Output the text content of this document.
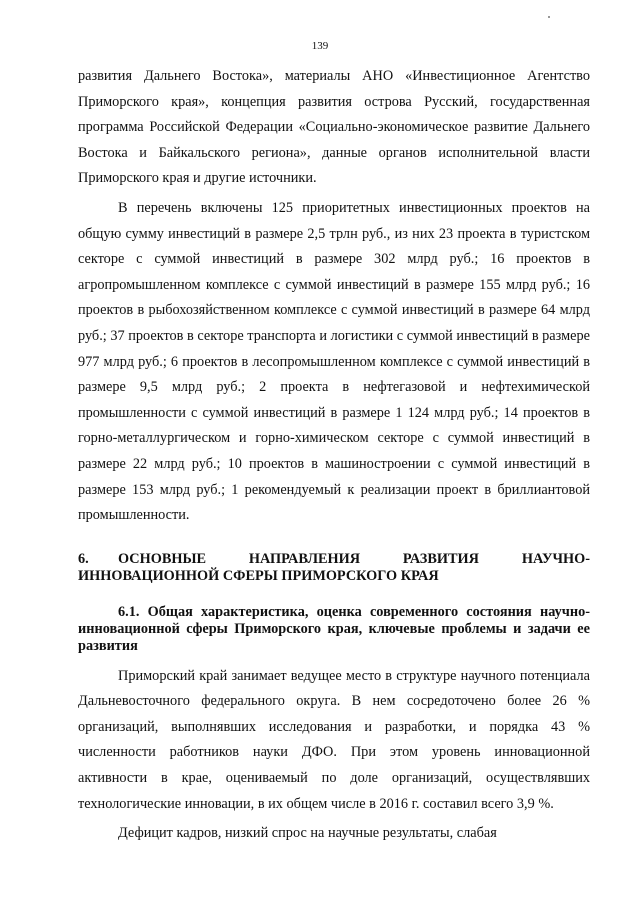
139

развития Дальнего Востока», материалы АНО «Инвестиционное Агентство Приморского края», концепция развития острова Русский, государственная программа Российской Федерации «Социально-экономическое развитие Дальнего Востока и Байкальского региона», данные органов исполнительной власти Приморского края и другие источники.

В перечень включены 125 приоритетных инвестиционных проектов на общую сумму инвестиций в размере 2,5 трлн руб., из них 23 проекта в туристском секторе с суммой инвестиций в размере 302 млрд руб.; 16 проектов в агропромышленном комплексе с суммой инвестиций в размере 155 млрд руб.; 16 проектов в рыбохозяйственном комплексе с суммой инвестиций в размере 64 млрд руб.; 37 проектов в секторе транспорта и логистики с суммой инвестиций в размере 977 млрд руб.; 6 проектов в лесопромышленном комплексе с суммой инвестиций в размере 9,5 млрд руб.; 2 проекта в нефтегазовой и нефтехимической промышленности с суммой инвестиций в размере 1 124 млрд руб.; 14 проектов в горно-металлургическом и горно-химическом секторе с суммой инвестиций в размере 22 млрд руб.; 10 проектов в машиностроении с суммой инвестиций в размере 153 млрд руб.; 1 рекомендуемый к реализации проект в бриллиантовой промышленности.

6. ОСНОВНЫЕ НАПРАВЛЕНИЯ РАЗВИТИЯ НАУЧНО-ИННОВАЦИОННОЙ СФЕРЫ ПРИМОРСКОГО КРАЯ
6.1. Общая характеристика, оценка современного состояния научно-инновационной сферы Приморского края, ключевые проблемы и задачи ее развития

Приморский край занимает ведущее место в структуре научного потенциала Дальневосточного федерального округа. В нем сосредоточено более 26 % организаций, выполнявших исследования и разработки, и порядка 43 % численности работников науки ДФО. При этом уровень инновационной активности в крае, оцениваемый по доле организаций, осуществлявших технологические инновации, в их общем числе в 2016 г. составил всего 3,9 %.

Дефицит кадров, низкий спрос на научные результаты, слабая
